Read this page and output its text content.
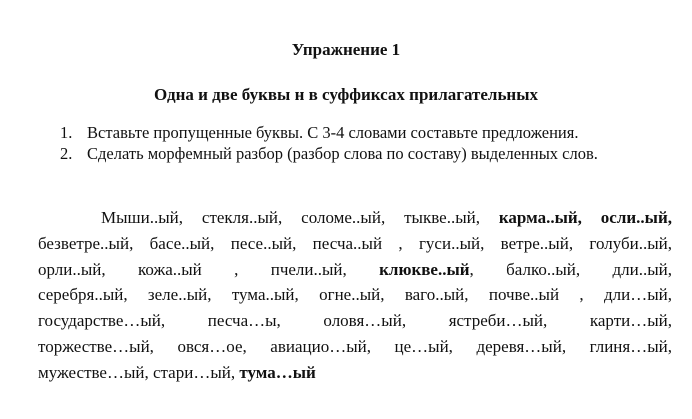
Упражнение 1
Одна и две буквы н в суффиксах прилагательных
1. Вставьте пропущенные буквы. С 3-4 словами составьте предложения.
2. Сделать морфемный разбор (разбор слова по составу) выделенных слов.
Мыши..ый, стекля..ый, соломе..ый, тыкве..ый, карма..ый, осли..ый,
безветре..ый, басе..ый, песе..ый, песча..ый , гуси..ый, ветре..ый, голуби..ый,
орли..ый, кожа..ый , пчели..ый, клюкве..ый, балко..ый, дли..ый,
серебря..ый, зеле..ый, тума..ый, огне..ый, ваго..ый, почве..ый , дли…ый,
государстве…ый, песча…ы, оловя…ый, ястреби…ый, карти…ый,
торжестве…ый, овся…ое, авиацио…ый, це…ый, деревя…ый, глиня…ый,
мужестве…ый, стари…ый, тума…ый
